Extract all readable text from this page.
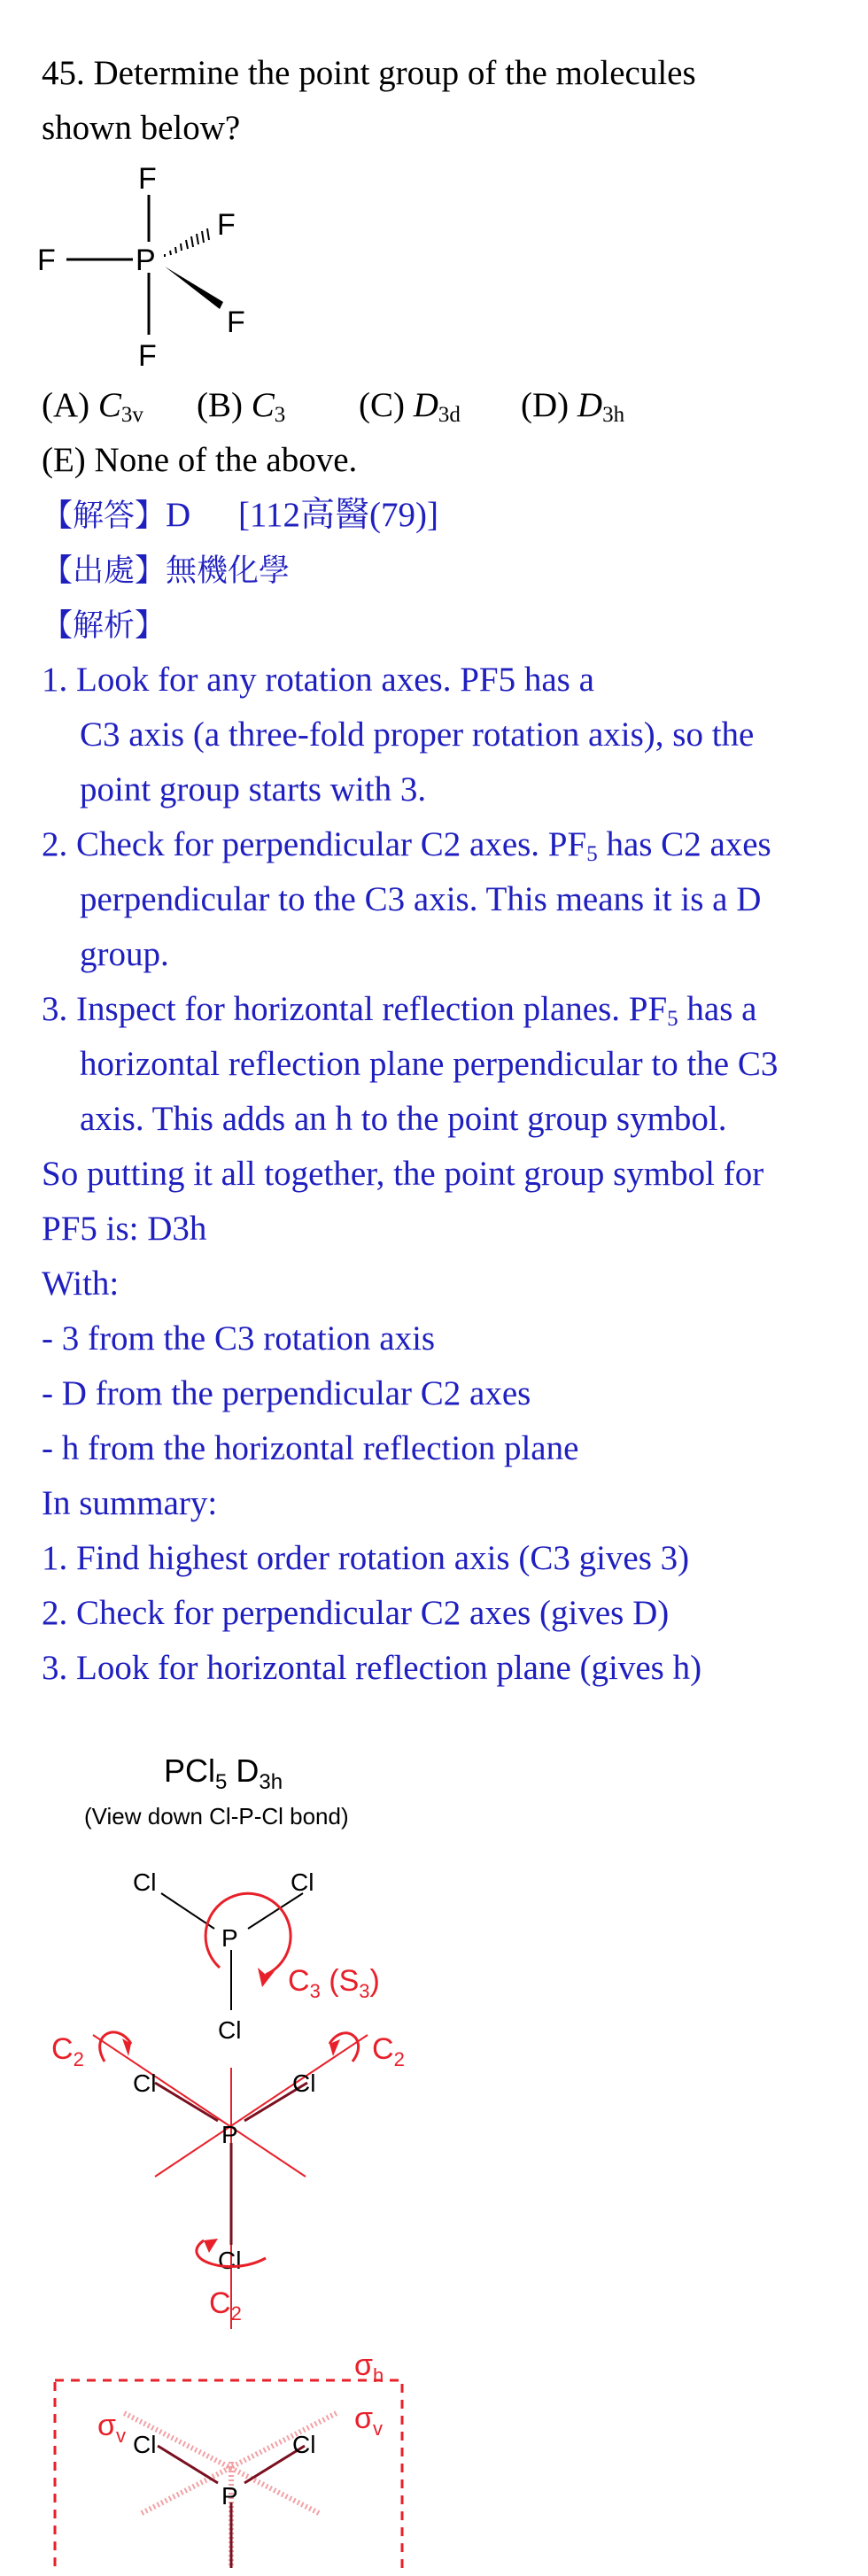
45. Determine the point group of the molecules
shown below?
F
F	P
F
F
F
(A) $C_{3v}$ (B) $C_3$ (C) $D_{3d}$ (D) $D_{3h}$
(E) None of the above.
【解答】D [112高醫(79)]
【出處】無機化學
【解析】
1. Look for any rotation axes. PF5 has a
C3 axis (a three-fold proper rotation axis), so the
point group starts with 3.
2. Check for perpendicular C2 axes. $PF_5$ has C2 axes
perpendicular to the C3 axis. This means it is a D
group.
3. Inspect for horizontal reflection planes. $PF_5$ has a
horizontal reflection plane perpendicular to the C3
axis. This adds an h to the point group symbol.
So putting it all together, the point group symbol for
PF5 is: D3h
With:
- 3 from the C3 rotation axis
- D from the perpendicular C2 axes
- h from the horizontal reflection plane
In summary:
1. Find highest order rotation axis (C3 gives 3)
2. Check for perpendicular C2 axes (gives D)
3. Look for horizontal reflection plane (gives h)
PCl$_5$ $D_{3h}$
(View down Cl-P-Cl bond)
Cl	Cl
P
Cl
$C_3$ $(S_3)$
Cl	Cl
P
Cl
$C_2$	$C_2$
$C_2$
$\sigma_h$
$\sigma_v$
$\sigma_v$
Cl	Cl
P
